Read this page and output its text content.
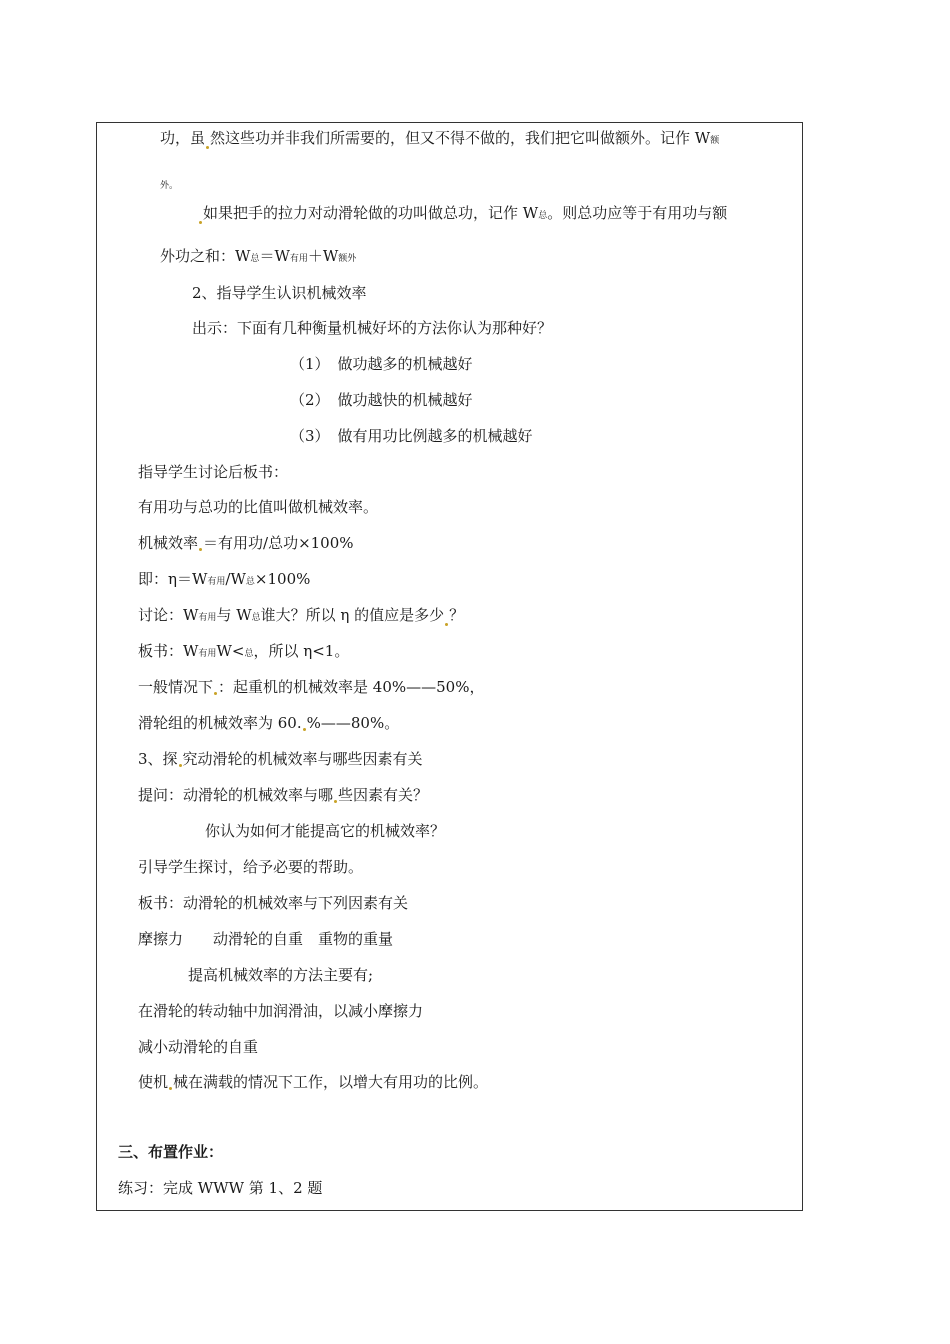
功，虽 然这些功并非我们所需要的，但又不得不做的，我们把它叫做额外。记作 W额
外。
如果把手的拉力对动滑轮做的功叫做总功，记作 W总。则总功应等于有用功与额
外功之和：W总＝W有用＋W额外
2、指导学生认识机械效率
出示：下面有几种衡量机械好坏的方法你认为那种好？
（1） 做功越多的机械越好
（2） 做功越快的机械越好
（3） 做有用功比例越多的机械越好
指导学生讨论后板书：
有用功与总功的比值叫做机械效率。
机械效率 ＝有用功/总功×100%
即：η＝W有用/W总×100%
讨论：W有用与 W总谁大？所以 η 的值应是多少 ？
板书：W有用W<总，所以 η<1。
一般情况下 ：起重机的机械效率是 40%——50%，
滑轮组的机械效率为 60. %——80%。
3、探 究动滑轮的机械效率与哪些因素有关
提问：动滑轮的机械效率与哪 些因素有关？
你认为如何才能提高它的机械效率？
引导学生探讨，给予必要的帮助。
板书：动滑轮的机械效率与下列因素有关
摩擦力　　动滑轮的自重　重物的重量
提高机械效率的方法主要有;
在滑轮的转动轴中加润滑油，以减小摩擦力
减小动滑轮的自重
使机 械在满载的情况下工作，以增大有用功的比例。
三、布置作业：
练习：完成 WWW 第 1、2 题
